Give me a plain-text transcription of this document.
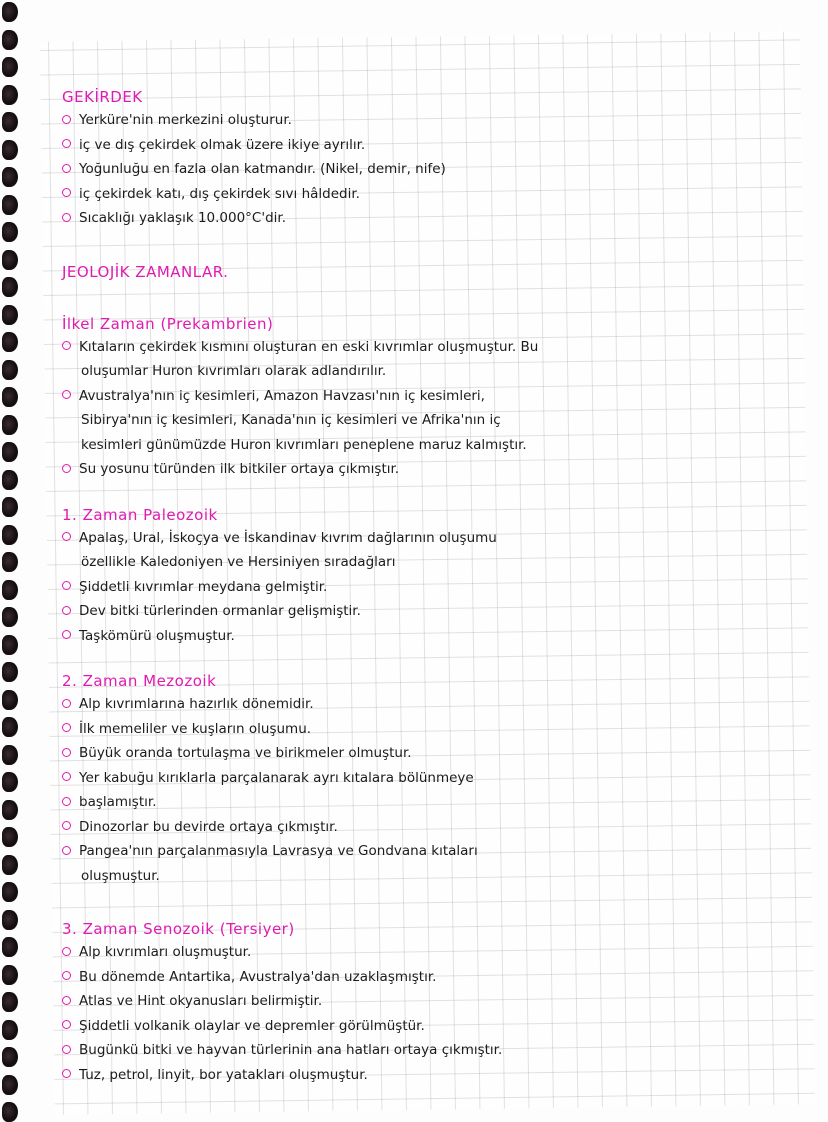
GEKİRDEK
Yerküre'nin merkezini oluşturur.
iç ve dış çekirdek olmak üzere ikiye ayrılır.
Yoğunluğu en fazla olan katmandır. (Nikel, demir, nife)
iç çekirdek katı, dış çekirdek sıvı hâldedir.
Sıcaklığı yaklaşık 10.000°C'dir.
JEOLOJİK ZAMANLAR.
İlkel Zaman (Prekambrien)
Kıtaların çekirdek kısmını oluşturan en eski kıvrımlar oluşmuştur. Bu
oluşumlar Huron kıvrımları olarak adlandırılır.
Avustralya'nın iç kesimleri, Amazon Havzası'nın iç kesimleri,
Sibirya'nın iç kesimleri, Kanada'nın iç kesimleri ve Afrika'nın iç
kesimleri günümüzde Huron kıvrımları peneplene maruz kalmıştır.
Su yosunu türünden ilk bitkiler ortaya çıkmıştır.
1. Zaman Paleozoik
Apalaş, Ural, İskoçya ve İskandinav kıvrım dağlarının oluşumu
özellikle Kaledoniyen ve Hersiniyen sıradağları
Şiddetli kıvrımlar meydana gelmiştir.
Dev bitki türlerinden ormanlar gelişmiştir.
Taşkömürü oluşmuştur.
2. Zaman Mezozoik
Alp kıvrımlarına hazırlık dönemidir.
İlk memeliler ve kuşların oluşumu.
Büyük oranda tortulaşma ve birikmeler olmuştur.
Yer kabuğu kırıklarla parçalanarak ayrı kıtalara bölünmeye
başlamıştır.
Dinozorlar bu devirde ortaya çıkmıştır.
Pangea'nın parçalanmasıyla Lavrasya ve Gondvana kıtaları
oluşmuştur.
3. Zaman Senozoik (Tersiyer)
Alp kıvrımları oluşmuştur.
Bu dönemde Antartika, Avustralya'dan uzaklaşmıştır.
Atlas ve Hint okyanusları belirmiştir.
Şiddetli volkanik olaylar ve depremler görülmüştür.
Bugünkü bitki ve hayvan türlerinin ana hatları ortaya çıkmıştır.
Tuz, petrol, linyit, bor yatakları oluşmuştur.
